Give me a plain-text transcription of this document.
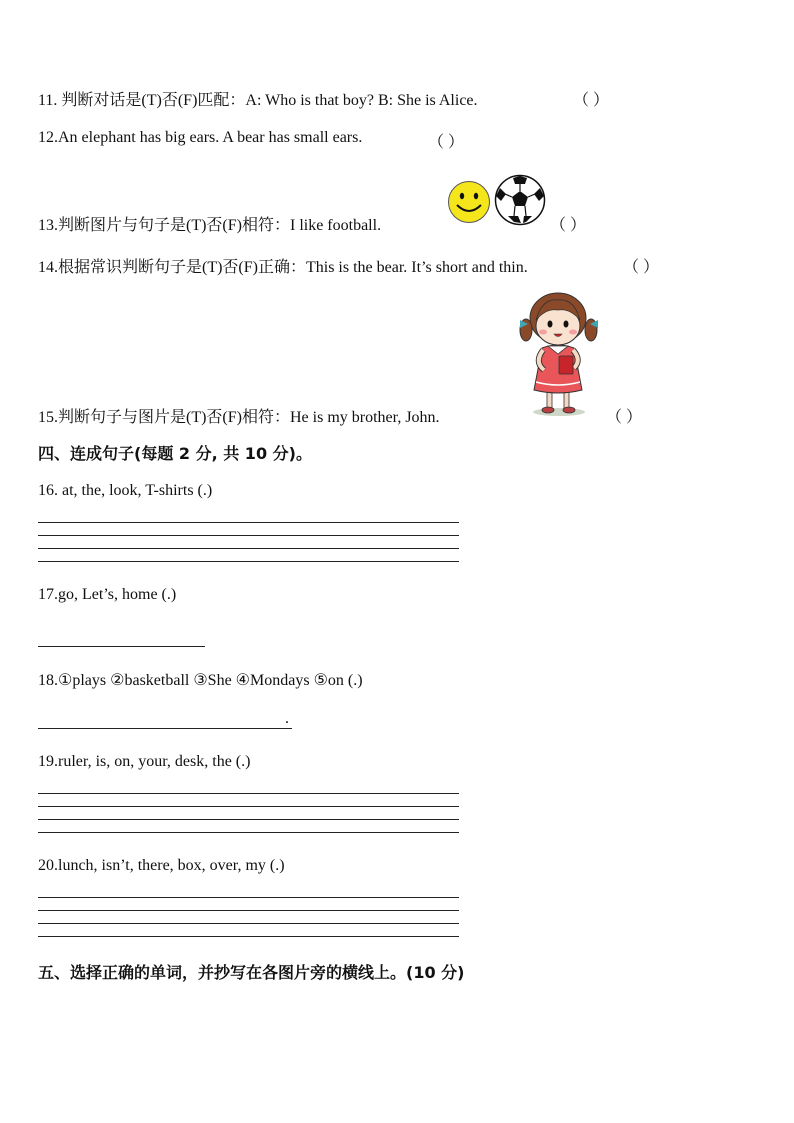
11. 判断对话是(T)否(F)匹配：A: Who is that boy? B: She is Alice.	（ ）
12.An elephant has big ears. A bear has small ears.	（ ）
13.判断图片与句子是(T)否(F)相符：I like football.	（ ）
14.根据常识判断句子是(T)否(F)正确：This is the bear. It’s short and thin.	（ ）
15.判断句子与图片是(T)否(F)相符：He is my brother, John.	（ ）
四、连成句子(每题 2 分, 共 10 分)。
16. at, the, look, T-shirts (.)
17.go, Let’s, home (.)
18.①plays ②basketball ③She ④Mondays ⑤on (.)
.
19.ruler, is, on, your, desk, the (.)
20.lunch, isn’t, there, box, over, my (.)
五、选择正确的单词，并抄写在各图片旁的横线上。(10 分)
